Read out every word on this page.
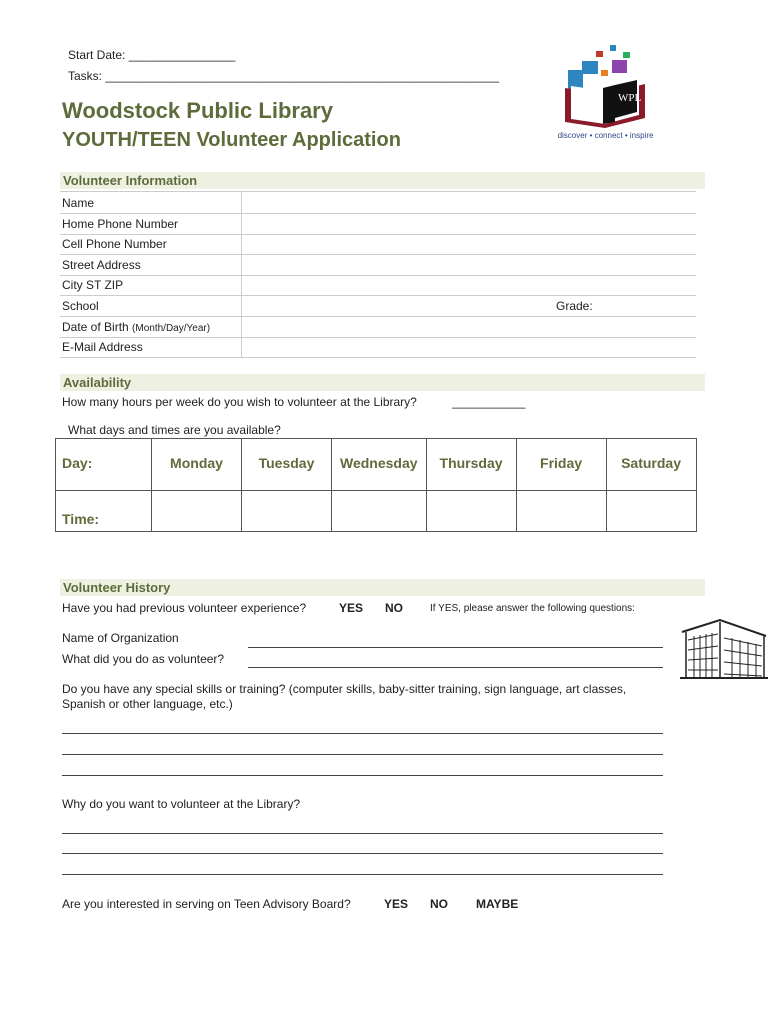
Start Date: ________________
Tasks: ___________________________________________________________
Woodstock Public Library
YOUTH/TEEN Volunteer Application
WPL
discover • connect • inspire
Volunteer Information
Name
Home Phone Number
Cell Phone Number
Street Address
City ST ZIP
School	Grade:
Date of Birth (Month/Day/Year)
E-Mail Address
Availability
How many hours per week do you wish to volunteer at the Library?	___________
What days and times are you available?
Day:	Monday	Tuesday	Wednesday	Thursday	Friday	Saturday
Time:						
Volunteer History
Have you had previous volunteer experience?	YES NO	If YES, please answer the following questions:
Name of Organization
What did you do as volunteer?
Do you have any special skills or training? (computer skills, baby-sitter training, sign language, art classes, Spanish or other language, etc.)
Why do you want to volunteer at the Library?
Are you interested in serving on Teen Advisory Board?	YES NO MAYBE
